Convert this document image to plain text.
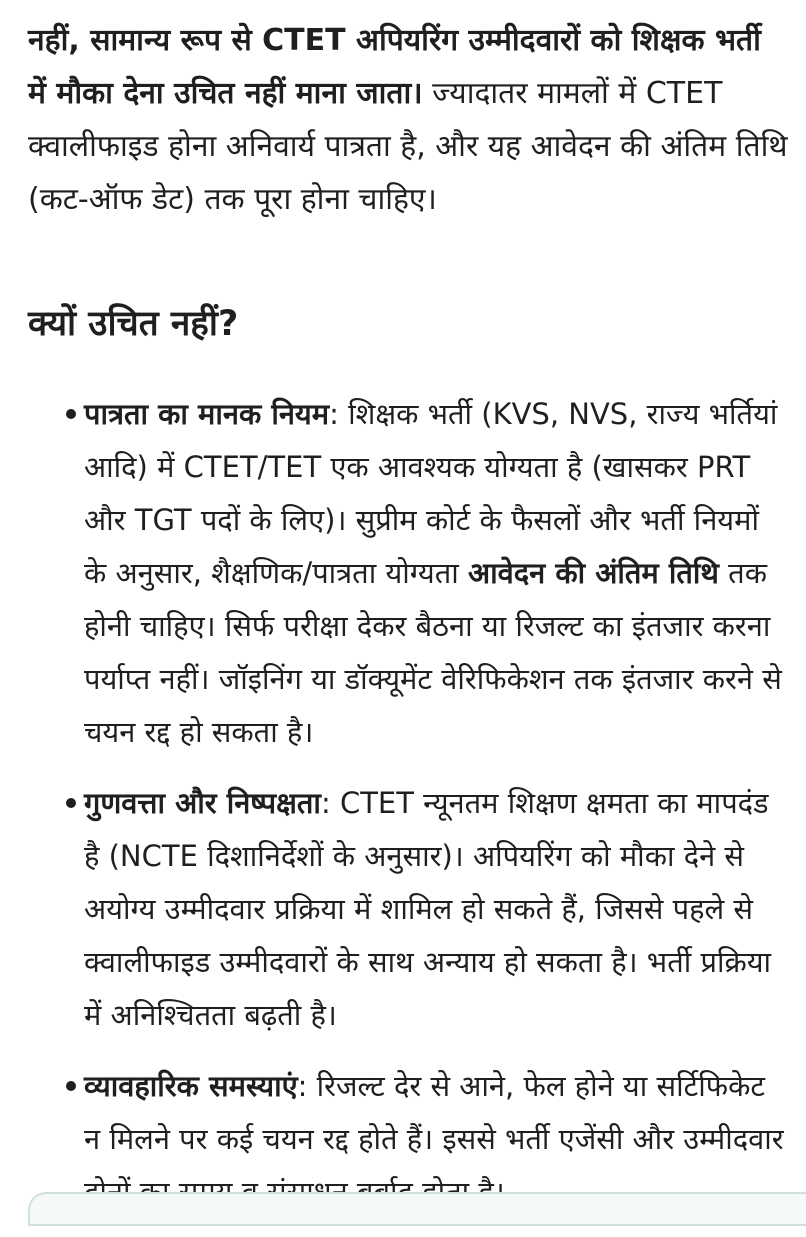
नहीं, सामान्य रूप से CTET अपियरिंग उम्मीदवारों को शिक्षक भर्ती में मौका देना उचित नहीं माना जाता। ज्यादातर मामलों में CTET क्वालीफाइड होना अनिवार्य पात्रता है, और यह आवेदन की अंतिम तिथि (कट-ऑफ डेट) तक पूरा होना चाहिए।

क्यों उचित नहीं?
पात्रता का मानक नियम: शिक्षक भर्ती (KVS, NVS, राज्य भर्तियां आदि) में CTET/TET एक आवश्यक योग्यता है (खासकर PRT और TGT पदों के लिए)। सुप्रीम कोर्ट के फैसलों और भर्ती नियमों के अनुसार, शैक्षणिक/पात्रता योग्यता आवेदन की अंतिम तिथि तक होनी चाहिए। सिर्फ परीक्षा देकर बैठना या रिजल्ट का इंतजार करना पर्याप्त नहीं। जॉइनिंग या डॉक्यूमेंट वेरिफिकेशन तक इंतजार करने से चयन रद्द हो सकता है।
गुणवत्ता और निष्पक्षता: CTET न्यूनतम शिक्षण क्षमता का मापदंड है (NCTE दिशानिर्देशों के अनुसार)। अपियरिंग को मौका देने से अयोग्य उम्मीदवार प्रक्रिया में शामिल हो सकते हैं, जिससे पहले से क्वालीफाइड उम्मीदवारों के साथ अन्याय हो सकता है। भर्ती प्रक्रिया में अनिश्चितता बढ़ती है।
व्यावहारिक समस्याएं: रिजल्ट देर से आने, फेल होने या सर्टिफिकेट न मिलने पर कई चयन रद्द होते हैं। इससे भर्ती एजेंसी और उम्मीदवार
